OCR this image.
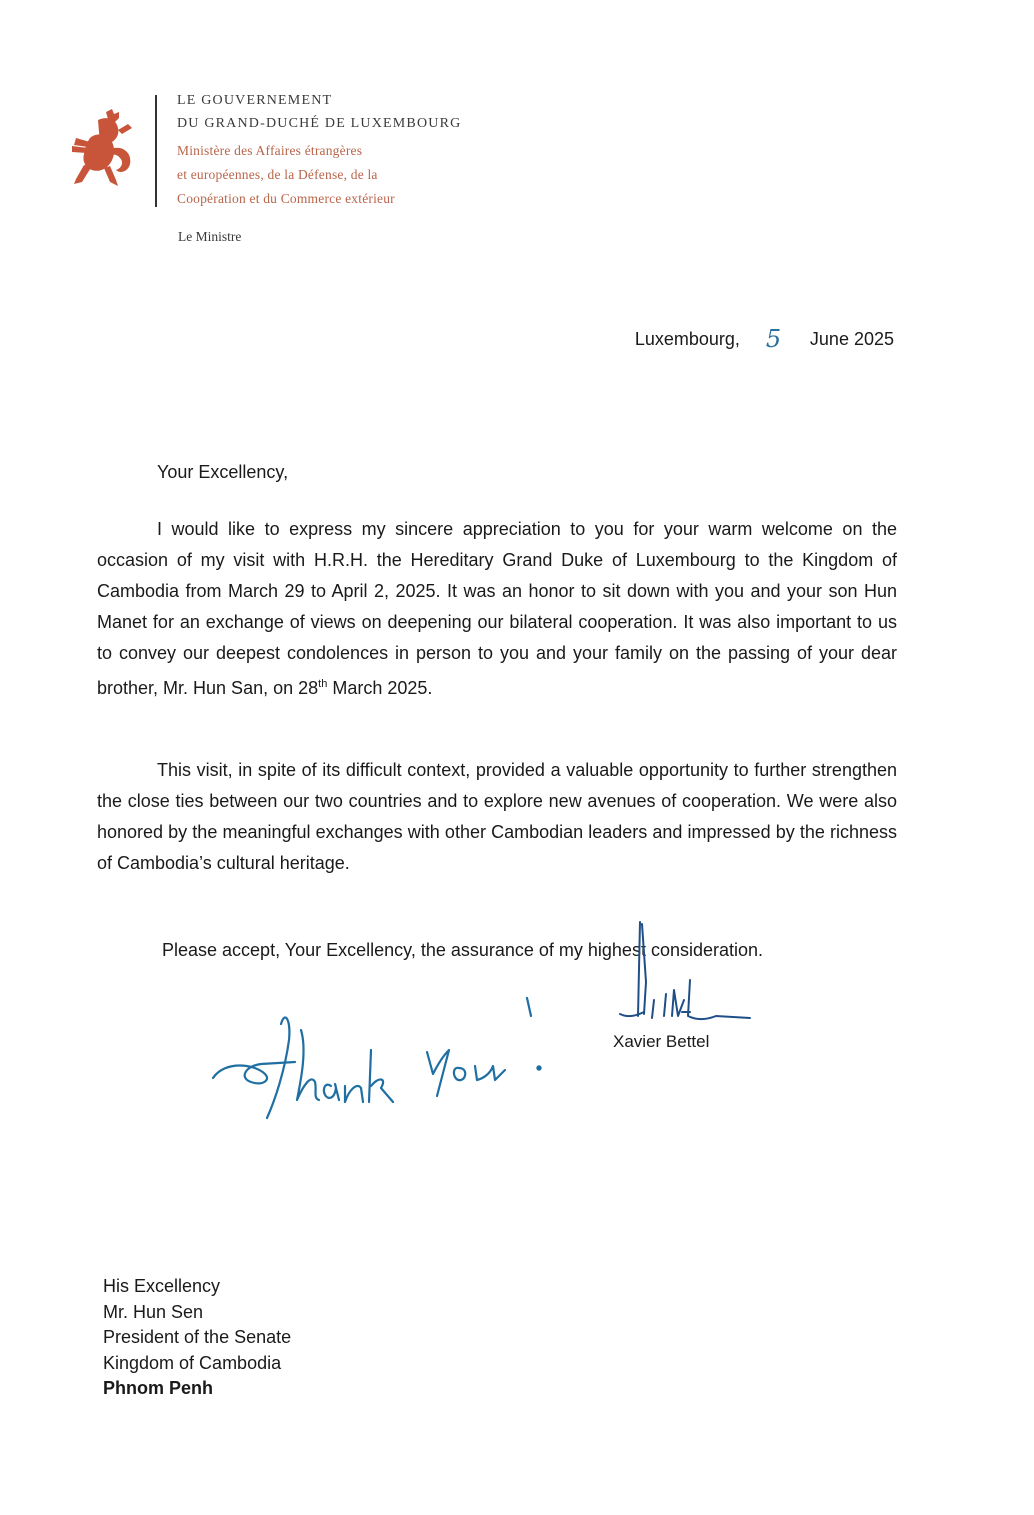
LE GOUVERNEMENT
DU GRAND-DUCHÉ DE LUXEMBOURG
Ministère des Affaires étrangères
et européennes, de la Défense, de la
Coopération et du Commerce extérieur
Le Ministre
Luxembourg, 5 June 2025
Your Excellency,

I would like to express my sincere appreciation to you for your warm welcome on the occasion of my visit with H.R.H. the Hereditary Grand Duke of Luxembourg to the Kingdom of Cambodia from March 29 to April 2, 2025. It was an honor to sit down with you and your son Hun Manet for an exchange of views on deepening our bilateral cooperation. It was also important to us to convey our deepest condolences in person to you and your family on the passing of your dear brother, Mr. Hun San, on 28th March 2025.

This visit, in spite of its difficult context, provided a valuable opportunity to further strengthen the close ties between our two countries and to explore new avenues of cooperation. We were also honored by the meaningful exchanges with other Cambodian leaders and impressed by the richness of Cambodia’s cultural heritage.

Please accept, Your Excellency, the assurance of my highest consideration.
Xavier Bettel
His Excellency
Mr. Hun Sen
President of the Senate
Kingdom of Cambodia
Phnom Penh
